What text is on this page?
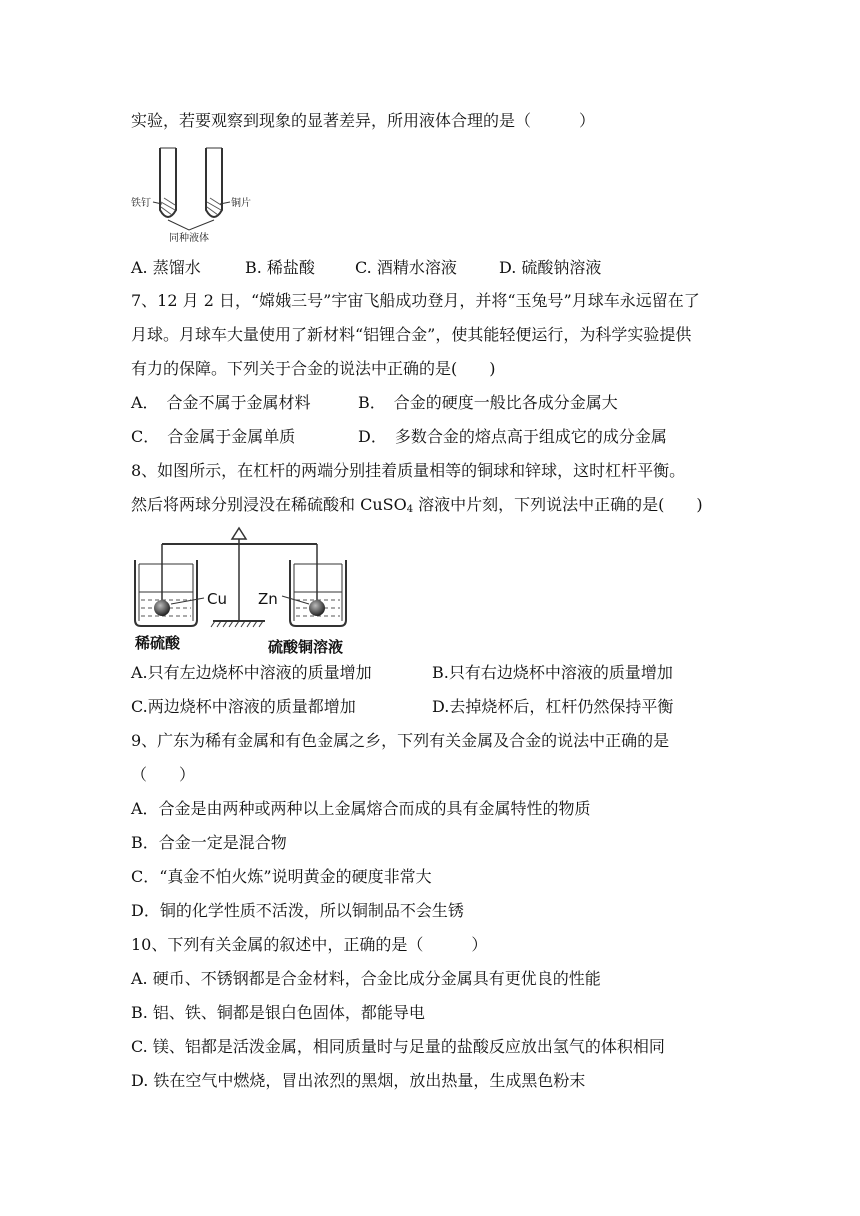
实验，若要观察到现象的显著差异，所用液体合理的是（　　　）
铁钉	铜片
同种液体
A. 蒸馏水	B. 稀盐酸	C. 酒精水溶液	D. 硫酸钠溶液
7、12 月 2 日，“嫦娥三号”宇宙飞船成功登月，并将“玉兔号”月球车永远留在了
月球。月球车大量使用了新材料“铝锂合金”，使其能轻便运行，为科学实验提供
有力的保障。下列关于合金的说法中正确的是(　　)
A．　合金不属于金属材料	B．　合金的硬度一般比各成分金属大
C．　合金属于金属单质	D．　多数合金的熔点高于组成它的成分金属
8、如图所示，在杠杆的两端分别挂着质量相等的铜球和锌球，这时杠杆平衡。
然后将两球分别浸没在稀硫酸和 CuSO$_4$ 溶液中片刻，下列说法中正确的是(　　)
Cu Zn
稀硫酸	硫酸铜溶液
A.只有左边烧杯中溶液的质量增加	B.只有右边烧杯中溶液的质量增加
C.两边烧杯中溶液的质量都增加	D.去掉烧杯后，杠杆仍然保持平衡
9、广东为稀有金属和有色金属之乡，下列有关金属及合金的说法中正确的是
（　　）
A．合金是由两种或两种以上金属熔合而成的具有金属特性的物质
B．合金一定是混合物
C．“真金不怕火炼”说明黄金的硬度非常大
D．铜的化学性质不活泼，所以铜制品不会生锈
10、下列有关金属的叙述中，正确的是（　　　）
A. 硬币、不锈钢都是合金材料，合金比成分金属具有更优良的性能
B. 铝、铁、铜都是银白色固体，都能导电
C. 镁、铝都是活泼金属，相同质量时与足量的盐酸反应放出氢气的体积相同
D. 铁在空气中燃烧，冒出浓烈的黑烟，放出热量，生成黑色粉末
